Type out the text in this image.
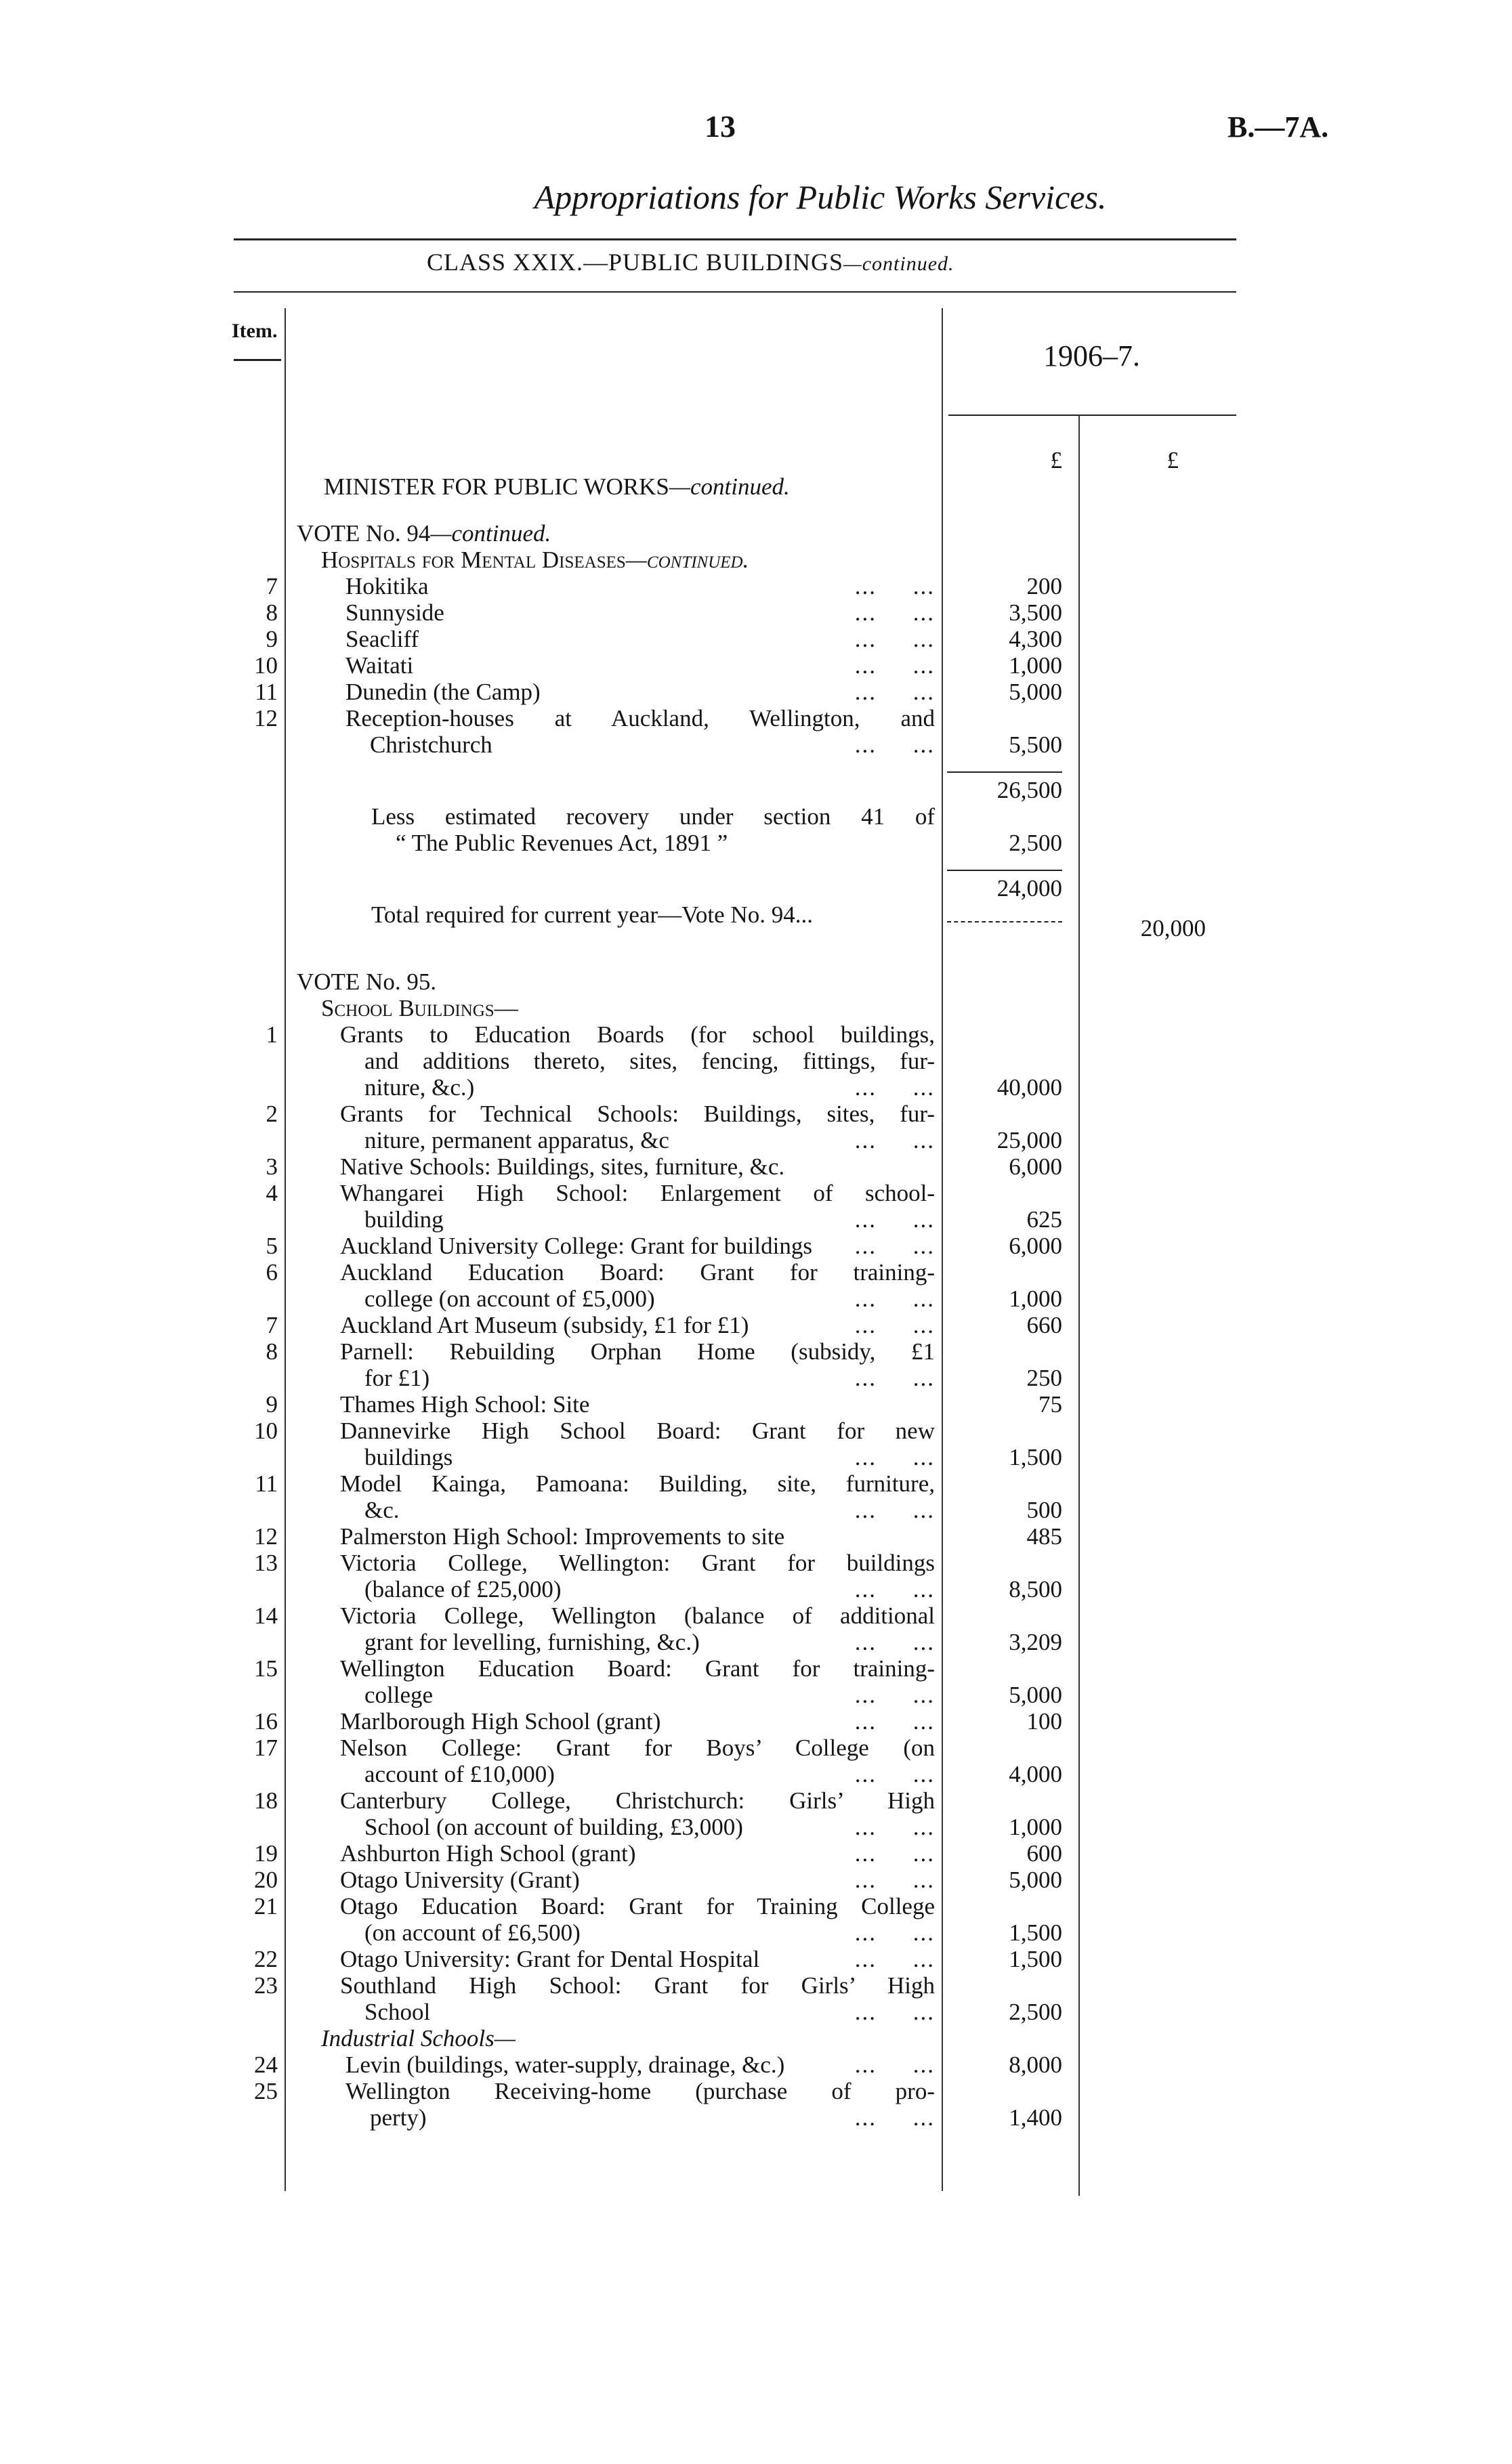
13	B.—7A.
Appropriations for Public Works Services.
CLASS XXIX.—PUBLIC BUILDINGS—continued.
Item.
1906–7.
£	£
MINISTER FOR PUBLIC WORKS—continued.
VOTE No. 94—continued.
Hospitals for Mental Diseases—continued.
7	Hokitika	...     ...	200
8	Sunnyside	...     ...	3,500
9	Seacliff	...     ...	4,300
10	Waitati	...     ...	1,000
11	Dunedin (the Camp)	...     ...	5,000
12	Reception-houses at Auckland, Wellington, and
Christchurch	...     ...	5,500
26,500
Less estimated recovery under section 41 of
“ The Public Revenues Act, 1891 ”	2,500
24,000
Total required for current year—Vote No. 94...
20,000
VOTE No. 95.
School Buildings—
1	Grants to Education Boards (for school buildings,
and additions thereto, sites, fencing, fittings, fur-
niture, &c.)	...     ...	40,000
2	Grants for Technical Schools: Buildings, sites, fur-
niture, permanent apparatus, &c	...     ...	25,000
3	Native Schools: Buildings, sites, furniture, &c.	6,000
4	Whangarei High School: Enlargement of school-
building	...     ...	625
5	Auckland University College: Grant for buildings ...     ...	6,000
6	Auckland Education Board: Grant for training-
college (on account of £5,000)	...     ...	1,000
7	Auckland Art Museum (subsidy, £1 for £1)	...     ...	660
8	Parnell: Rebuilding Orphan Home (subsidy, £1
for £1)	...     ...	250
9	Thames High School: Site	75
10	Dannevirke High School Board: Grant for new
buildings	...     ...	1,500
11	Model Kainga, Pamoana: Building, site, furniture,
&c.	...     ...	500
12	Palmerston High School: Improvements to site	485
13	Victoria College, Wellington: Grant for buildings
(balance of £25,000)	...     ...	8,500
14	Victoria College, Wellington (balance of additional
grant for levelling, furnishing, &c.)	...     ...	3,209
15	Wellington Education Board: Grant for training-
college	...     ...	5,000
16	Marlborough High School (grant)	...     ...	100
17	Nelson College: Grant for Boys’ College (on
account of £10,000)	...     ...	4,000
18	Canterbury College, Christchurch: Girls’ High
School (on account of building, £3,000)	...     ...	1,000
19	Ashburton High School (grant)	...     ...	600
20	Otago University (Grant)	...     ...	5,000
21	Otago Education Board: Grant for Training College
(on account of £6,500)	...     ...	1,500
22	Otago University: Grant for Dental Hospital	...     ...	1,500
23	Southland High School: Grant for Girls’ High
School	...     ...	2,500
Industrial Schools—
24	Levin (buildings, water-supply, drainage, &c.)	...     ...	8,000
25	Wellington Receiving-home (purchase of pro-
perty)	...     ...	1,400
